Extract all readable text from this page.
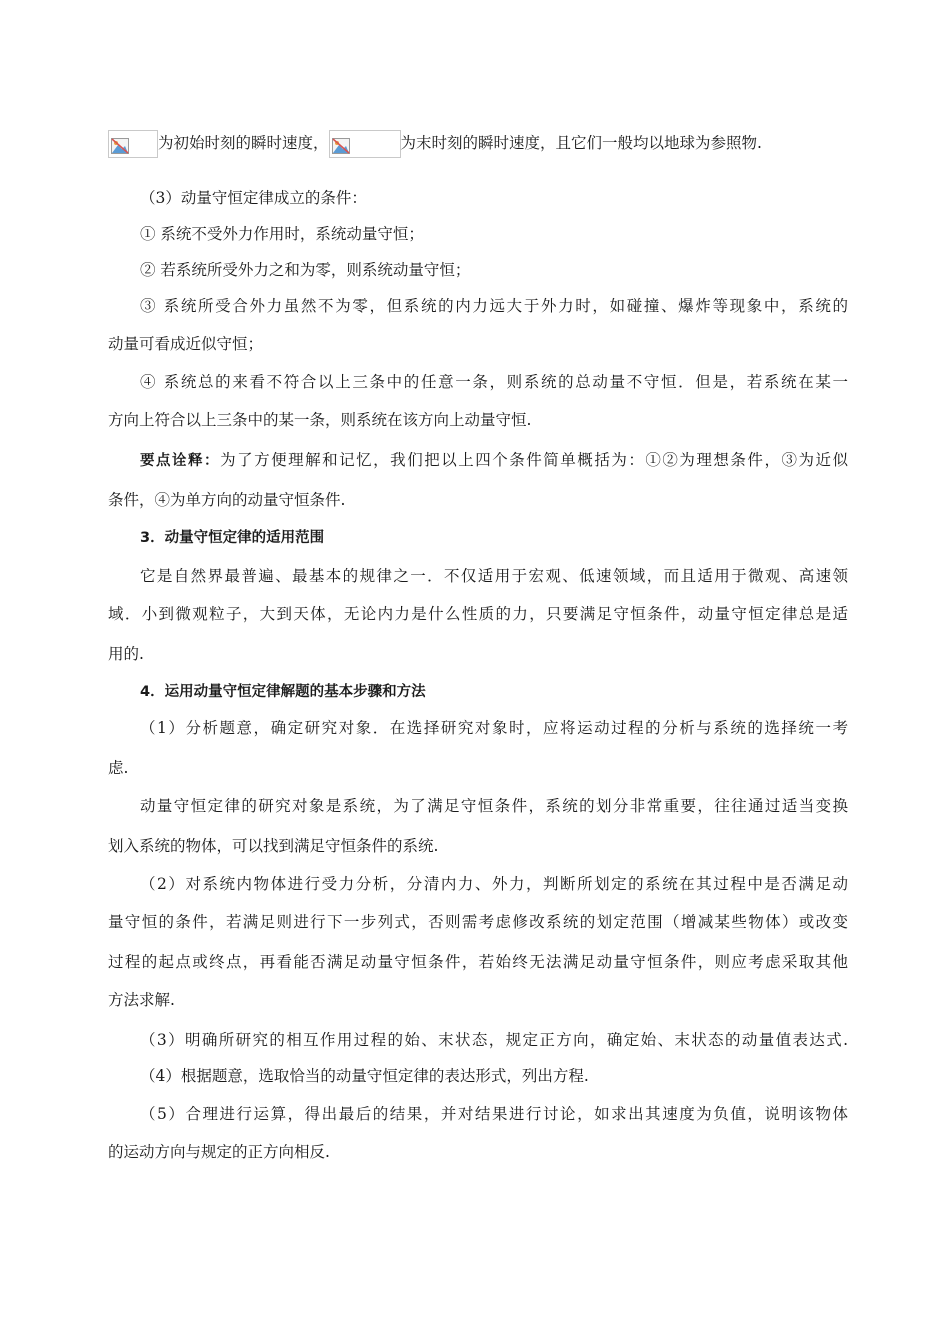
为初始时刻的瞬时速度，	为末时刻的瞬时速度，且它们一般均以地球为参照物.
（3）动量守恒定律成立的条件：
① 系统不受外力作用时，系统动量守恒；
② 若系统所受外力之和为零，则系统动量守恒；
③ 系统所受合外力虽然不为零，但系统的内力远大于外力时，如碰撞、爆炸等现象中，系统的
动量可看成近似守恒；
④ 系统总的来看不符合以上三条中的任意一条，则系统的总动量不守恒．但是，若系统在某一
方向上符合以上三条中的某一条，则系统在该方向上动量守恒.
要点诠释：为了方便理解和记忆，我们把以上四个条件简单概括为：①②为理想条件，③为近似
条件，④为单方向的动量守恒条件.
3．动量守恒定律的适用范围
它是自然界最普遍、最基本的规律之一．不仅适用于宏观、低速领域，而且适用于微观、高速领
域．小到微观粒子，大到天体，无论内力是什么性质的力，只要满足守恒条件，动量守恒定律总是适
用的.
4．运用动量守恒定律解题的基本步骤和方法
（1）分析题意，确定研究对象．在选择研究对象时，应将运动过程的分析与系统的选择统一考
虑.
动量守恒定律的研究对象是系统，为了满足守恒条件，系统的划分非常重要，往往通过适当变换
划入系统的物体，可以找到满足守恒条件的系统.
（2）对系统内物体进行受力分析，分清内力、外力，判断所划定的系统在其过程中是否满足动
量守恒的条件，若满足则进行下一步列式，否则需考虑修改系统的划定范围（增减某些物体）或改变
过程的起点或终点，再看能否满足动量守恒条件，若始终无法满足动量守恒条件，则应考虑采取其他
方法求解.
（3）明确所研究的相互作用过程的始、末状态，规定正方向，确定始、末状态的动量值表达式.
（4）根据题意，选取恰当的动量守恒定律的表达形式，列出方程.
（5）合理进行运算，得出最后的结果，并对结果进行讨论，如求出其速度为负值，说明该物体
的运动方向与规定的正方向相反.
